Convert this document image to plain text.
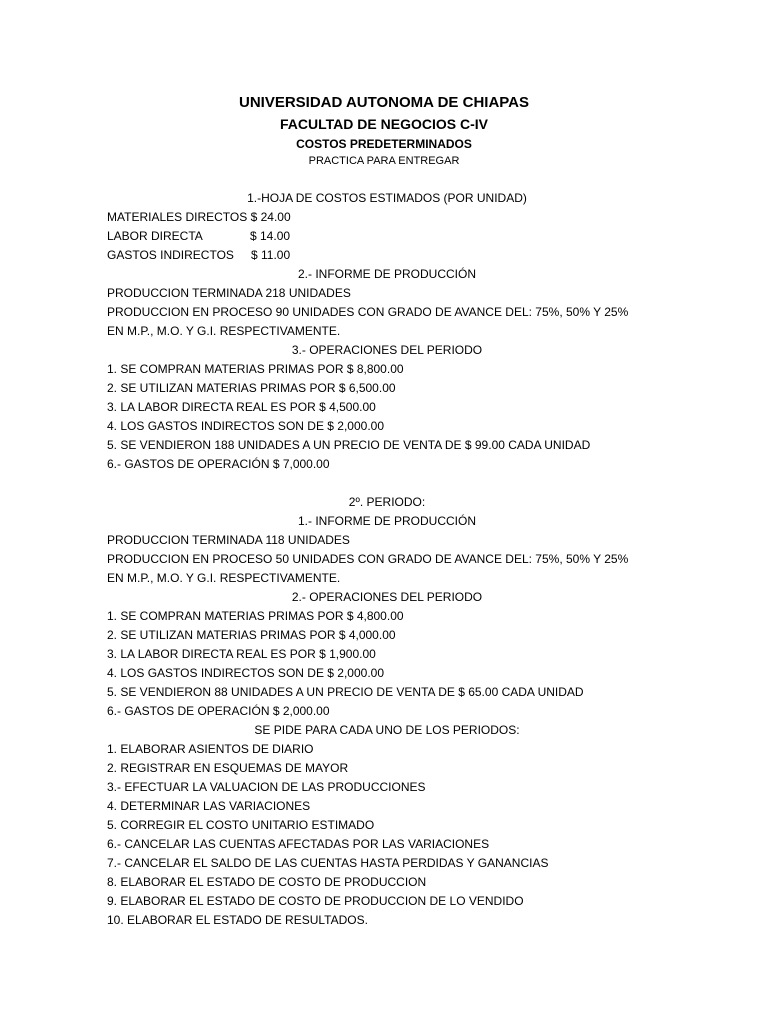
UNIVERSIDAD AUTONOMA DE CHIAPAS
FACULTAD DE NEGOCIOS C-IV
COSTOS PREDETERMINADOS
PRACTICA PARA ENTREGAR
1.-HOJA DE COSTOS ESTIMADOS (POR UNIDAD)
MATERIALES DIRECTOS $ 24.00
LABOR DIRECTA	$ 14.00
GASTOS INDIRECTOS $ 11.00
2.- INFORME DE PRODUCCIÓN
PRODUCCION TERMINADA 218 UNIDADES
PRODUCCION EN PROCESO 90 UNIDADES CON GRADO DE AVANCE DEL: 75%, 50% Y 25%
EN M.P., M.O. Y G.I. RESPECTIVAMENTE.
3.- OPERACIONES DEL PERIODO
1. SE COMPRAN MATERIAS PRIMAS POR $ 8,800.00
2. SE UTILIZAN MATERIAS PRIMAS POR $ 6,500.00
3. LA LABOR DIRECTA REAL ES POR $ 4,500.00
4. LOS GASTOS INDIRECTOS SON DE $ 2,000.00
5. SE VENDIERON 188 UNIDADES A UN PRECIO DE VENTA DE $ 99.00 CADA UNIDAD
6.- GASTOS DE OPERACIÓN $ 7,000.00
2º. PERIODO:
1.- INFORME DE PRODUCCIÓN
PRODUCCION TERMINADA 118 UNIDADES
PRODUCCION EN PROCESO 50 UNIDADES CON GRADO DE AVANCE DEL: 75%, 50% Y 25%
EN M.P., M.O. Y G.I. RESPECTIVAMENTE.
2.- OPERACIONES DEL PERIODO
1. SE COMPRAN MATERIAS PRIMAS POR $ 4,800.00
2. SE UTILIZAN MATERIAS PRIMAS POR $ 4,000.00
3. LA LABOR DIRECTA REAL ES POR $ 1,900.00
4. LOS GASTOS INDIRECTOS SON DE $ 2,000.00
5. SE VENDIERON 88 UNIDADES A UN PRECIO DE VENTA DE $ 65.00 CADA UNIDAD
6.- GASTOS DE OPERACIÓN $ 2,000.00
SE PIDE PARA CADA UNO DE LOS PERIODOS:
1. ELABORAR ASIENTOS DE DIARIO
2. REGISTRAR EN ESQUEMAS DE MAYOR
3.- EFECTUAR LA VALUACION DE LAS PRODUCCIONES
4. DETERMINAR LAS VARIACIONES
5. CORREGIR EL COSTO UNITARIO ESTIMADO
6.- CANCELAR LAS CUENTAS AFECTADAS POR LAS VARIACIONES
7.- CANCELAR EL SALDO DE LAS CUENTAS HASTA PERDIDAS Y GANANCIAS
8. ELABORAR EL ESTADO DE COSTO DE PRODUCCION
9. ELABORAR EL ESTADO DE COSTO DE PRODUCCION DE LO VENDIDO
10. ELABORAR EL ESTADO DE RESULTADOS.
